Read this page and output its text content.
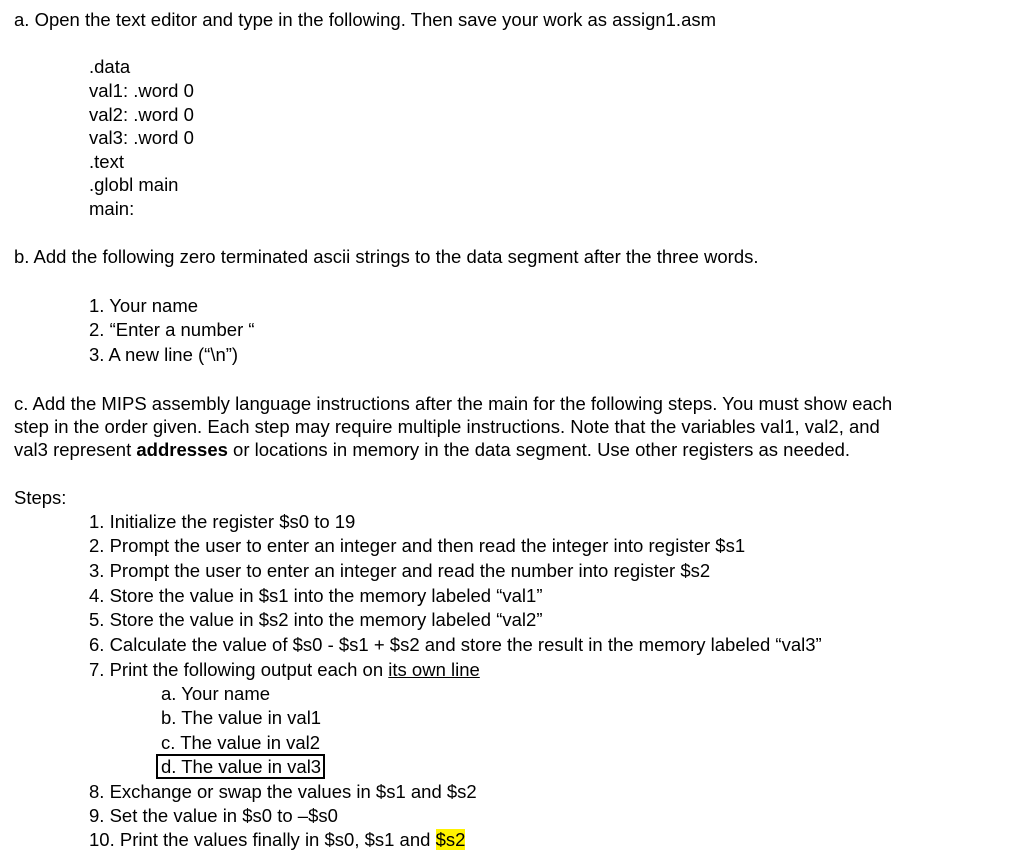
a. Open the text editor and type in the following. Then save your work as assign1.asm
.data
val1: .word 0
val2: .word 0
val3: .word 0
.text
.globl main
main:
b. Add the following zero terminated ascii strings to the data segment after the three words.
1. Your name
2. “Enter a number “
3. A new line (“\n”)
c. Add the MIPS assembly language instructions after the main for the following steps. You must show each
step in the order given. Each step may require multiple instructions. Note that the variables val1, val2, and
val3 represent addresses or locations in memory in the data segment. Use other registers as needed.
Steps:
1. Initialize the register $s0 to 19
2. Prompt the user to enter an integer and then read the integer into register $s1
3. Prompt the user to enter an integer and read the number into register $s2
4. Store the value in $s1 into the memory labeled “val1”
5. Store the value in $s2 into the memory labeled “val2”
6. Calculate the value of $s0 - $s1 + $s2 and store the result in the memory labeled “val3”
7. Print the following output each on its own line
a. Your name
b. The value in val1
c. The value in val2
d. The value in val3
8. Exchange or swap the values in $s1 and $s2
9. Set the value in $s0 to –$s0
10. Print the values finally in $s0, $s1 and $s2
